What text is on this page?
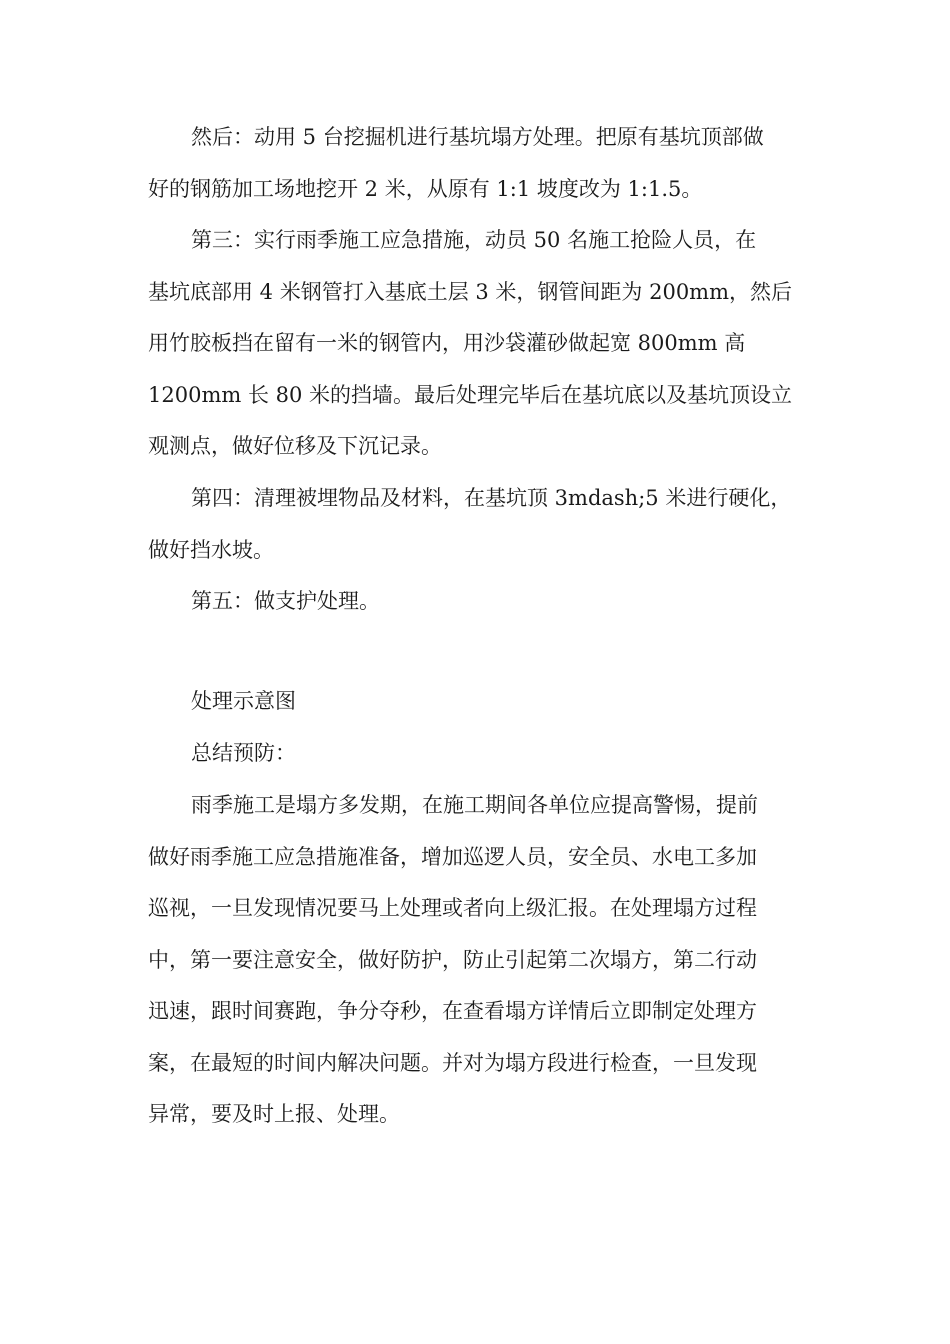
然后：动用 5 台挖掘机进行基坑塌方处理。把原有基坑顶部做
好的钢筋加工场地挖开 2 米，从原有 1:1 坡度改为 1:1.5。
第三：实行雨季施工应急措施，动员 50 名施工抢险人员，在
基坑底部用 4 米钢管打入基底土层 3 米，钢管间距为 200mm，然后
用竹胶板挡在留有一米的钢管内，用沙袋灌砂做起宽 800mm 高
1200mm 长 80 米的挡墙。最后处理完毕后在基坑底以及基坑顶设立
观测点，做好位移及下沉记录。
第四：清理被埋物品及材料，在基坑顶 3mdash;5 米进行硬化，
做好挡水坡。
第五：做支护处理。
处理示意图
总结预防：
雨季施工是塌方多发期，在施工期间各单位应提高警惕，提前
做好雨季施工应急措施准备，增加巡逻人员，安全员、水电工多加
巡视，一旦发现情况要马上处理或者向上级汇报。在处理塌方过程
中，第一要注意安全，做好防护，防止引起第二次塌方，第二行动
迅速，跟时间赛跑，争分夺秒，在查看塌方详情后立即制定处理方
案，在最短的时间内解决问题。并对为塌方段进行检查，一旦发现
异常，要及时上报、处理。
